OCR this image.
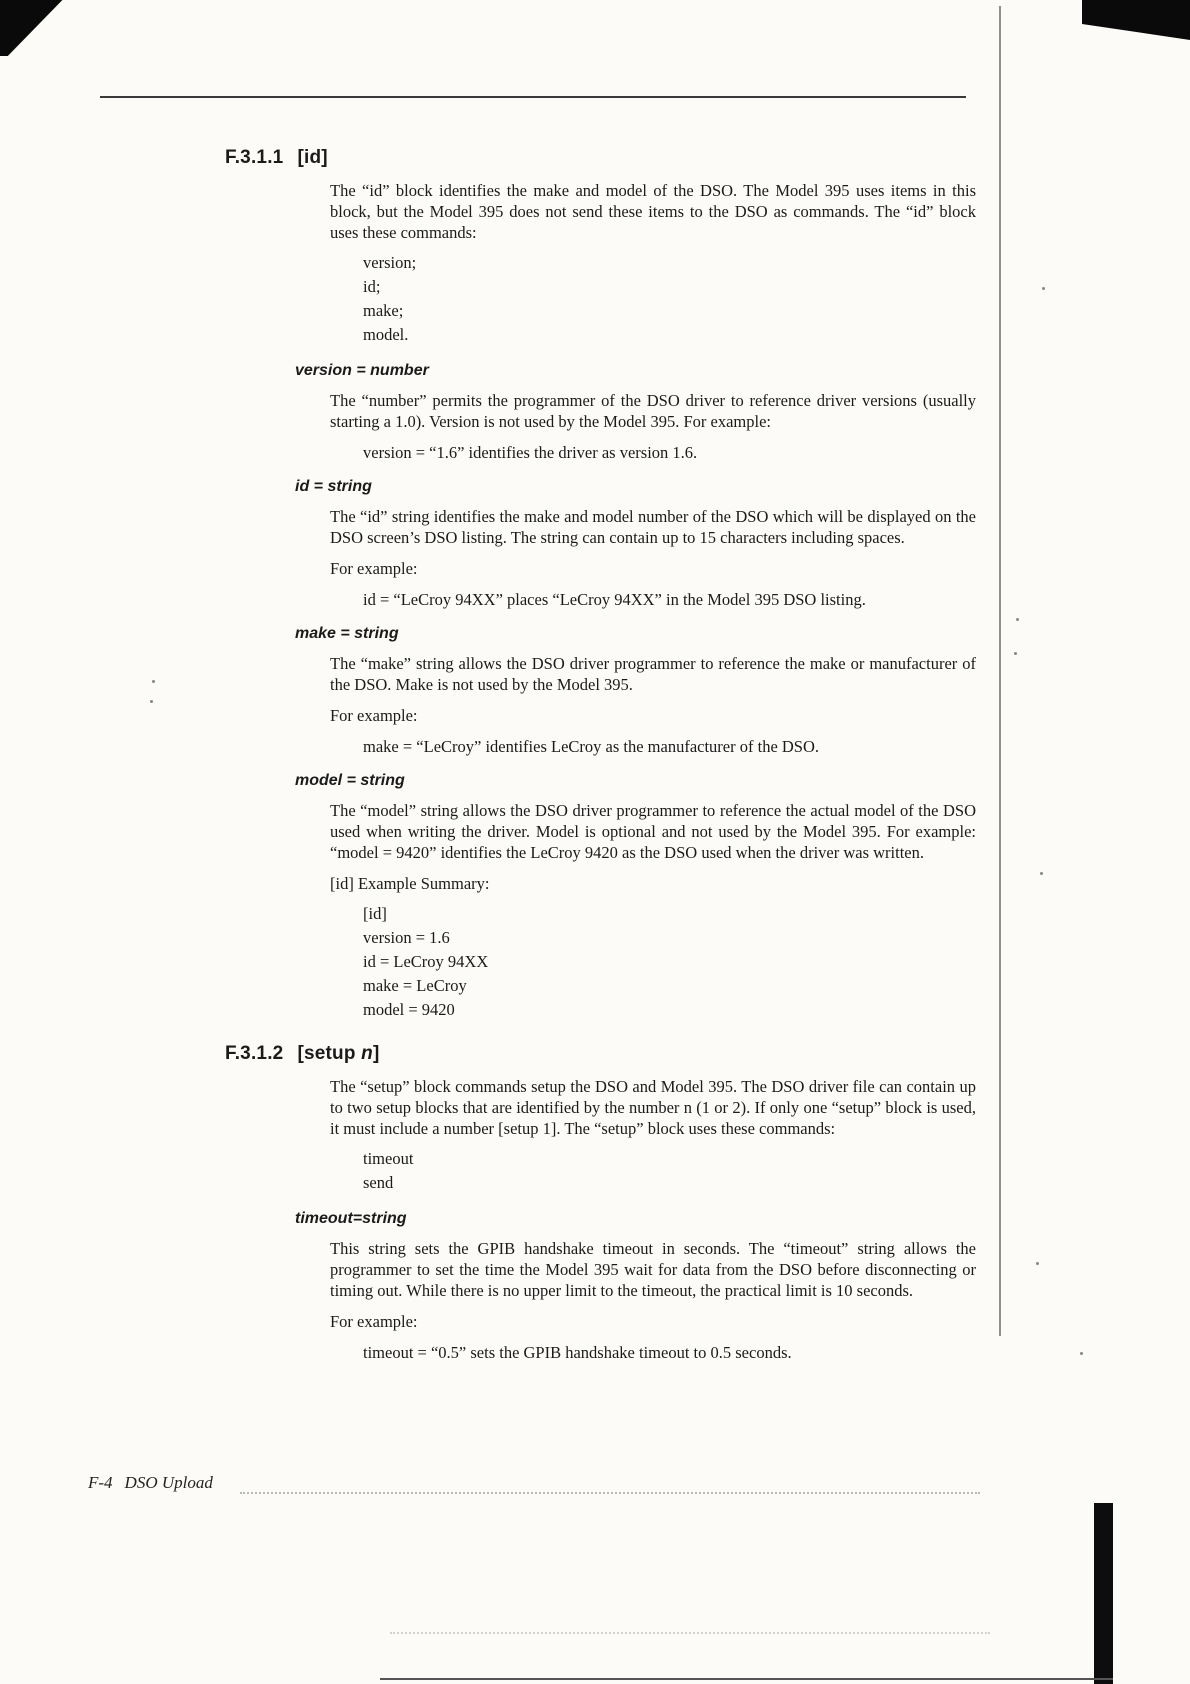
F.3.1.1 [id]

The “id” block identifies the make and model of the DSO. The Model 395 uses items in this block, but the Model 395 does not send these items to the DSO as commands. The “id” block uses these commands:

version;
id;
make;
model.
version = number

The “number” permits the programmer of the DSO driver to reference driver versions (usually starting a 1.0). Version is not used by the Model 395. For example:

version = “1.6” identifies the driver as version 1.6.

id = string

The “id” string identifies the make and model number of the DSO which will be displayed on the DSO screen’s DSO listing. The string can contain up to 15 characters including spaces.

For example:

id = “LeCroy 94XX” places “LeCroy 94XX” in the Model 395 DSO listing.

make = string

The “make” string allows the DSO driver programmer to reference the make or manufacturer of the DSO. Make is not used by the Model 395.

For example:

make = “LeCroy” identifies LeCroy as the manufacturer of the DSO.

model = string

The “model” string allows the DSO driver programmer to reference the actual model of the DSO used when writing the driver. Model is optional and not used by the Model 395. For example: “model = 9420” identifies the LeCroy 9420 as the DSO used when the driver was written.

[id] Example Summary:

[id]
version = 1.6
id = LeCroy 94XX
make = LeCroy
model = 9420
F.3.1.2 [setup n]

The “setup” block commands setup the DSO and Model 395. The DSO driver file can contain up to two setup blocks that are identified by the number n (1 or 2). If only one “setup” block is used, it must include a number [setup 1]. The “setup” block uses these commands:

timeout
send
timeout=string

This string sets the GPIB handshake timeout in seconds. The “timeout” string allows the programmer to set the time the Model 395 wait for data from the DSO before disconnecting or timing out. While there is no upper limit to the timeout, the practical limit is 10 seconds.

For example:

timeout = “0.5” sets the GPIB handshake timeout to 0.5 seconds.

F-4 DSO Upload
